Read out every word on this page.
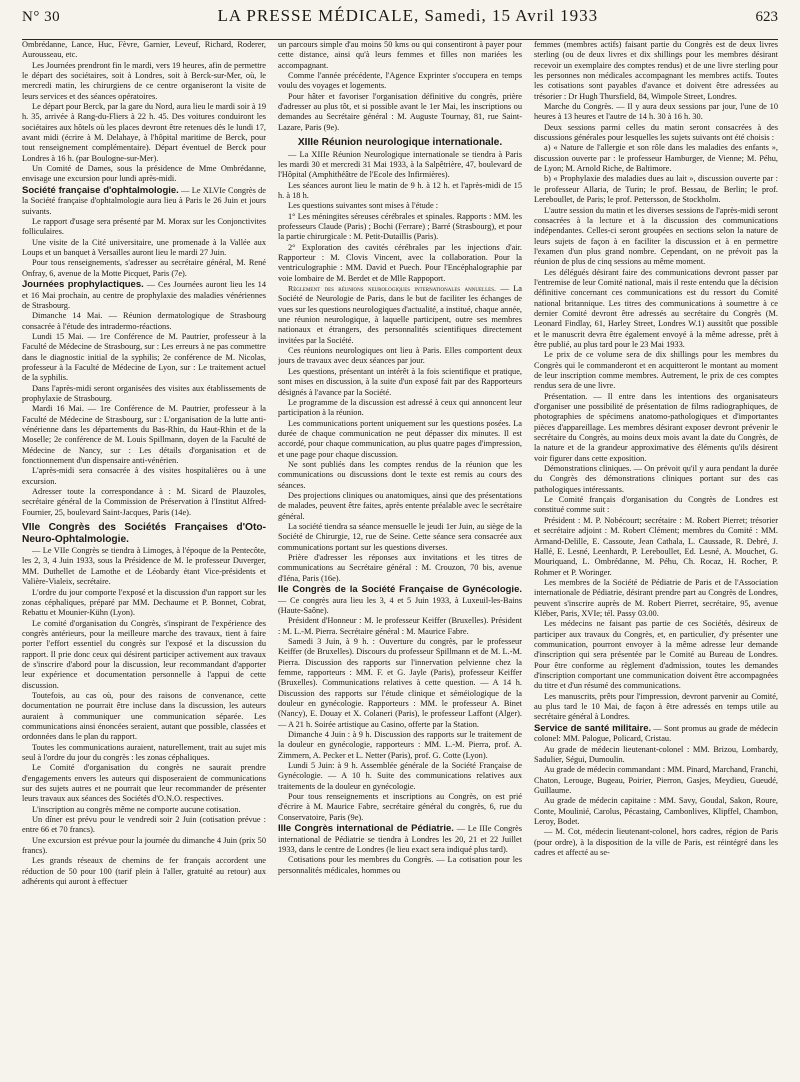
N° 30	LA PRESSE MÉDICALE, Samedi, 15 Avril 1933	623

Ombrédanne, Lance, Huc, Fèvre, Garnier, Leveuf, Richard, Roderer, Aurousseau, etc.

Les Journées prendront fin le mardi, vers 19 heures, afin de permettre le départ des sociétaires, soit à Londres, soit à Berck-sur-Mer, où, le mercredi matin, les chirurgiens de ce centre organiseront la visite de leurs services et des séances opératoires.

Le départ pour Berck, par la gare du Nord, aura lieu le mardi soir à 19 h. 35, arrivée à Rang-du-Fliers à 22 h. 45. Des voitures conduiront les sociétaires aux hôtels où les places devront être retenues dès le lundi 17, avant midi (écrire à M. Delahaye, à l'hôpital maritime de Berck, pour tout renseignement complémentaire). Départ éventuel de Berck pour Londres à 16 h. (par Boulogne-sur-Mer).

Un Comité de Dames, sous la présidence de Mme Ombrédanne, envisage une excursion pour lundi après-midi.

Société française d'ophtalmologie. — Le XLVIe Congrès de la Société française d'ophtalmologie aura lieu à Paris le 26 Juin et jours suivants.

Le rapport d'usage sera présenté par M. Morax sur les Conjonctivites folliculaires.

Une visite de la Cité universitaire, une promenade à la Vallée aux Loups et un banquet à Versailles auront lieu le mardi 27 Juin.

Pour tous renseignements, s'adresser au secrétaire général, M. René Onfray, 6, avenue de la Motte Picquet, Paris (7e).

Journées prophylactiques. — Ces Journées auront lieu les 14 et 16 Mai prochain, au centre de prophylaxie des maladies vénériennes de Strasbourg.

Dimanche 14 Mai. — Réunion dermatologique de Strasbourg consacrée à l'étude des intradermo-réactions.

Lundi 15 Mai. — 1re Conférence de M. Pautrier, professeur à la Faculté de Médecine de Strasbourg, sur : Les erreurs à ne pas commettre dans le diagnostic initial de la syphilis; 2e conférence de M. Nicolas, professeur à la Faculté de Médecine de Lyon, sur : Le traitement actuel de la syphilis.

Dans l'après-midi seront organisées des visites aux établissements de prophylaxie de Strasbourg.

Mardi 16 Mai. — 1re Conférence de M. Pautrier, professeur à la Faculté de Médecine de Strasbourg, sur : L'organisation de la lutte anti-vénérienne dans les départements du Bas-Rhin, du Haut-Rhin et de la Moselle; 2e conférence de M. Louis Spillmann, doyen de la Faculté de Médecine de Nancy, sur : Les détails d'organisation et de fonctionnement d'un dispensaire anti-vénérien.

L'après-midi sera consacrée à des visites hospitalières ou à une excursion.

Adresser toute la correspondance à : M. Sicard de Plauzoles, secrétaire général de la Commission de Préservation à l'Institut Alfred-Fournier, 25, boulevard Saint-Jacques, Paris (14e).

VIIe Congrès des Sociétés Françaises d'Oto-Neuro-Ophtalmologie.

— Le VIIe Congrès se tiendra à Limoges, à l'époque de la Pentecôte, les 2, 3, 4 Juin 1933, sous la Présidence de M. le professeur Duverger, MM. Duthellet de Lamothe et de Léobardy étant Vice-présidents et Valière-Vialeix, secrétaire.

L'ordre du jour comporte l'exposé et la discussion d'un rapport sur les zonas céphaliques, préparé par MM. Dechaume et P. Bonnet, Cobrat, Rebattu et Mounier-Kühn (Lyon).

Le comité d'organisation du Congrès, s'inspirant de l'expérience des congrès antérieurs, pour la meilleure marche des travaux, tient à faire porter l'effort essentiel du congrès sur l'exposé et la discussion du rapport. Il prie donc ceux qui désirent participer activement aux travaux de s'inscrire d'abord pour la discussion, leur recommandant d'apporter leur expérience et documentation personnelle à l'appui de cette discussion.

Toutefois, au cas où, pour des raisons de convenance, cette documentation ne pourrait être incluse dans la discussion, les auteurs auraient à communiquer une communication séparée. Les communications ainsi énoncées seraient, autant que possible, classées et ordonnées dans le plan du rapport.

Toutes les communications auraient, naturellement, trait au sujet mis seul à l'ordre du jour du congrès : les zonas céphaliques.

Le Comité d'organisation du congrès ne saurait prendre d'engagements envers les auteurs qui disposeraient de communications sur des sujets autres et ne pourrait que leur recommander de présenter leurs travaux aux séances des Sociétés d'O.N.O. respectives.

L'inscription au congrès même ne comporte aucune cotisation.

Un dîner est prévu pour le vendredi soir 2 Juin (cotisation prévue : entre 66 et 70 francs).

Une excursion est prévue pour la journée du dimanche 4 Juin (prix 50 francs).

Les grands réseaux de chemins de fer français accordent une réduction de 50 pour 100 (tarif plein à l'aller, gratuité au retour) aux adhérents qui auront à effectuer

un parcours simple d'au moins 50 kms ou qui consentiront à payer pour cette distance, ainsi qu'à leurs femmes et filles non mariées les accompagnant.

Comme l'année précédente, l'Agence Exprinter s'occupera en temps voulu des voyages et logements.

Pour hâter et favoriser l'organisation définitive du congrès, prière d'adresser au plus tôt, et si possible avant le 1er Mai, les inscriptions ou demandes au Secrétaire général : M. Auguste Tournay, 81, rue Saint-Lazare, Paris (9e).

XIIIe Réunion neurologique internationale.

— La XIIIe Réunion Neurologique internationale se tiendra à Paris les mardi 30 et mercredi 31 Mai 1933, à la Salpêtrière, 47, boulevard de l'Hôpital (Amphithéâtre de l'Ecole des Infirmières).

Les séances auront lieu le matin de 9 h. à 12 h. et l'après-midi de 15 h. à 18 h.

Les questions suivantes sont mises à l'étude :

1° Les méningites séreuses cérébrales et spinales. Rapports : MM. les professeurs Claude (Paris) ; Bochi (Ferrare) ; Barré (Strasbourg), et pour la partie chirurgicale : M. Petit-Dutaillis (Paris).

2° Exploration des cavités cérébrales par les injections d'air. Rapporteur : M. Clovis Vincent, avec la collaboration. Pour la ventriculographie : MM. David et Puech. Pour l'Encéphalographie par voie lombaire de M. Berdet et de Mlle Rappoport.

Règlement des réunions neurologiques internationales annuelles. — La Société de Neurologie de Paris, dans le but de faciliter les échanges de vues sur les questions neurologiques d'actualité, a institué, chaque année, une réunion neurologique, à laquelle participent, outre ses membres nationaux et étrangers, des personnalités scientifiques directement invitées par la Société.

Ces réunions neurologiques ont lieu à Paris. Elles comportent deux jours de travaux avec deux séances par jour.

Les questions, présentant un intérêt à la fois scientifique et pratique, sont mises en discussion, à la suite d'un exposé fait par des Rapporteurs désignés à l'avance par la Société.

Le programme de la discussion est adressé à ceux qui annoncent leur participation à la réunion.

Les communications portent uniquement sur les questions posées. La durée de chaque communication ne peut dépasser dix minutes. Il est accordé, pour chaque communication, au plus quatre pages d'impression, et une page pour chaque discussion.

Ne sont publiés dans les comptes rendus de la réunion que les communications ou discussions dont le texte est remis au cours des séances.

Des projections cliniques ou anatomiques, ainsi que des présentations de malades, peuvent être faites, après entente préalable avec le secrétaire général.

La société tiendra sa séance mensuelle le jeudi 1er Juin, au siège de la Société de Chirurgie, 12, rue de Seine. Cette séance sera consacrée aux communications portant sur les questions diverses.

Prière d'adresser les réponses aux invitations et les titres de communications au Secrétaire général : M. Crouzon, 70 bis, avenue d'Iéna, Paris (16e).

IIe Congrès de la Société Française de Gynécologie. — Ce congrès aura lieu les 3, 4 et 5 Juin 1933, à Luxeuil-les-Bains (Haute-Saône).

Président d'Honneur : M. le professeur Keiffer (Bruxelles). Président : M. L.-M. Pierra. Secrétaire général : M. Maurice Fabre.

Samedi 3 Juin, à 9 h. : Ouverture du congrès, par le professeur Keiffer (de Bruxelles). Discours du professeur Spillmann et de M. L.-M. Pierra. Discussion des rapports sur l'innervation pelvienne chez la femme, rapporteurs : MM. F. et G. Jayle (Paris), professeur Keiffer (Bruxelles). Communications relatives à cette question. — A 14 h. Discussion des rapports sur l'étude clinique et séméiologique de la douleur en gynécologie. Rapporteurs : MM. le professeur A. Binet (Nancy), E. Douay et X. Colaneri (Paris), le professeur Laffont (Alger). — A 21 h. Soirée artistique au Casino, offerte par la Station.

Dimanche 4 Juin : à 9 h. Discussion des rapports sur le traitement de la douleur en gynécologie, rapporteurs : MM. L.-M. Pierra, prof. A. Zimmern, A. Pecker et L. Netter (Paris), prof. G. Cotte (Lyon).

Lundi 5 Juin: à 9 h. Assemblée générale de la Société Française de Gynécologie. — A 10 h. Suite des communications relatives aux traitements de la douleur en gynécologie.

Pour tous renseignements et inscriptions au Congrès, on est prié d'écrire à M. Maurice Fabre, secrétaire général du congrès, 6, rue du Conservatoire, Paris (9e).

IIIe Congrès international de Pédiatrie. — Le IIIe Congrès international de Pédiatrie se tiendra à Londres les 20, 21 et 22 Juillet 1933, dans le centre de Londres (le lieu exact sera indiqué plus tard).

Cotisations pour les membres du Congrès. — La cotisation pour les personnalités médicales, hommes ou

femmes (membres actifs) faisant partie du Congrès est de deux livres sterling (ou de deux livres et dix shillings pour les membres désirant recevoir un exemplaire des comptes rendus) et de une livre sterling pour les personnes non médicales accompagnant les membres actifs. Toutes les cotisations sont payables d'avance et doivent être adressées au trésorier : Dr Hugh Thursfield, 84, Wimpole Street, Londres.

Marche du Congrès. — Il y aura deux sessions par jour, l'une de 10 heures à 13 heures et l'autre de 14 h. 30 à 16 h. 30.

Deux sessions parmi celles du matin seront consacrées à des discussions générales pour lesquelles les sujets suivants ont été choisis :

a) « Nature de l'allergie et son rôle dans les maladies des enfants », discussion ouverte par : le professeur Hamburger, de Vienne; M. Péhu, de Lyon; M. Arnold Riche, de Baltimore.

b) « Prophylaxie des maladies dues au lait », discussion ouverte par : le professeur Allaria, de Turin; le prof. Bessau, de Berlin; le prof. Lereboullet, de Paris; le prof. Pettersson, de Stockholm.

L'autre session du matin et les diverses sessions de l'après-midi seront consacrées à la lecture et à la discussion des communications indépendantes. Celles-ci seront groupées en sections selon la nature de leurs sujets de façon à en faciliter la discussion et à en permettre l'examen d'un plus grand nombre. Cependant, on ne prévoit pas la réunion de plus de cinq sessions au même moment.

Les délégués désirant faire des communications devront passer par l'entremise de leur Comité national, mais il reste entendu que la décision définitive concernant ces communications est du ressort du Comité national britannique. Les titres des communications à soumettre à ce dernier Comité devront être adressés au secrétaire du Congrès (M. Leonard Findlay, 61, Harley Street, Londres W.1) aussitôt que possible et le manuscrit devra être également envoyé à la même adresse, prêt à être publié, au plus tard pour le 23 Mai 1933.

Le prix de ce volume sera de dix shillings pour les membres du Congrès qui le commanderont et en acquitteront le montant au moment de leur inscription comme membres. Autrement, le prix de ces comptes rendus sera de une livre.

Présentation. — Il entre dans les intentions des organisateurs d'organiser une possibilité de présentation de films radiographiques, de photographies de spécimens anatomo-pathologiques et d'importantes pièces d'appareillage. Les membres désirant exposer devront prévenir le secrétaire du Congrès, au moins deux mois avant la date du Congrès, de la nature et de la grandeur approximative des éléments qu'ils désirent voir figurer dans cette exposition.

Démonstrations cliniques. — On prévoit qu'il y aura pendant la durée du Congrès des démonstrations cliniques portant sur des cas pathologiques intéressants.

Le Comité français d'organisation du Congrès de Londres est constitué comme suit :

Président : M. P. Nobécourt; secrétaire : M. Robert Pierret; trésorier et secrétaire adjoint : M. Robert Clément; membres du Comité : MM. Armand-Delille, E. Cassoute, Jean Cathala, L. Caussade, R. Debré, J. Hallé, E. Lesné, Leenhardt, P. Lereboullet, Ed. Lesné, A. Mouchet, G. Mouriquand, L. Ombrédanne, M. Péhu, Ch. Rocaz, H. Rocher, P. Rohmer et P. Woringer.

Les membres de la Société de Pédiatrie de Paris et de l'Association internationale de Pédiatrie, désirant prendre part au Congrès de Londres, peuvent s'inscrire auprès de M. Robert Pierret, secrétaire, 95, avenue Kléber, Paris, XVIe; tél. Passy 03.00.

Les médecins ne faisant pas partie de ces Sociétés, désireux de participer aux travaux du Congrès, et, en particulier, d'y présenter une communication, pourront envoyer à la même adresse leur demande d'inscription qui sera présentée par le Comité au Bureau de Londres. Pour être conforme au règlement d'admission, toutes les demandes d'inscription comportant une communication doivent être accompagnées du titre et d'un résumé des communications.

Les manuscrits, prêts pour l'impression, devront parvenir au Comité, au plus tard le 10 Mai, de façon à être adressés en temps utile au secrétaire général à Londres.

Service de santé militaire. — Sont promus au grade de médecin colonel: MM. Palogue, Policard, Cristau.

Au grade de médecin lieutenant-colonel : MM. Brizou, Lombardy, Sadulier, Ségui, Dumoulin.

Au grade de médecin commandant : MM. Pinard, Marchand, Franchi, Chaton, Lerouge, Bugeau, Poirier, Pierron, Gasjes, Meydieu, Gueudé, Guillaume.

Au grade de médecin capitaine : MM. Savy, Goudal, Sakon, Roure, Conte, Moulinié, Carolus, Pécastaing, Cambonlives, Klipffel, Chambon, Leroy, Bodet.

— M. Cot, médecin lieutenant-colonel, hors cadres, région de Paris (pour ordre), à la disposition de la ville de Paris, est réintégré dans les cadres et affecté au se-
